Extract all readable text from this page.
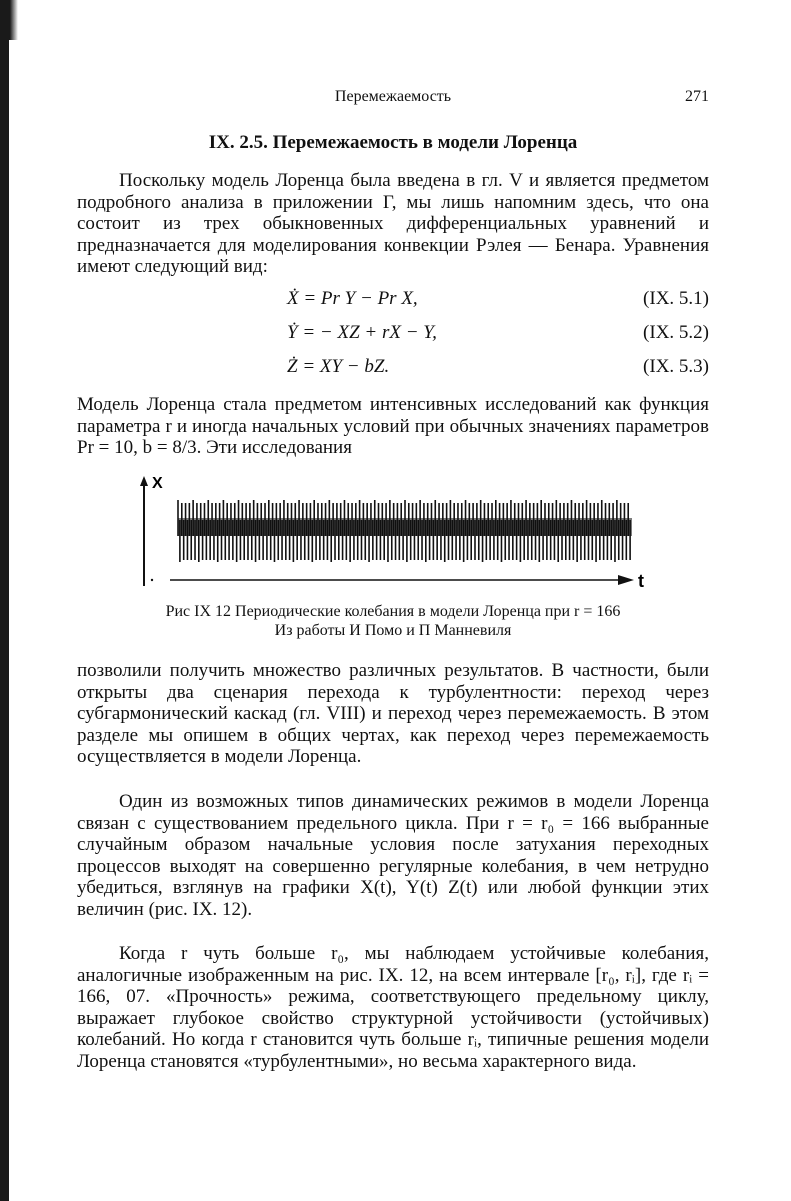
Перемежаемость	271
IX. 2.5. Перемежаемость в модели Лоренца

Поскольку модель Лоренца была введена в гл. V и является предметом подробного анализа в приложении Г, мы лишь напомним здесь, что она состоит из трех обыкновенных дифференциальных уравнений и предназначается для моделирования конвекции Рэлея — Бенара. Уравнения имеют следующий вид:

Ẋ = Pr Y − Pr X,	(IX. 5.1)
Ẏ = − XZ + rX − Y,	(IX. 5.2)
Ż = XY − bZ.	(IX. 5.3)

Модель Лоренца стала предметом интенсивных исследований как функция параметра r и иногда начальных условий при обычных значениях параметров Pr = 10, b = 8/3. Эти исследования

X
t
Рис IX 12 Периодические колебания в модели Лоренца при r = 166
Из работы И Помо и П Манневиля

позволили получить множество различных результатов. В частности, были открыты два сценария перехода к турбулентности: переход через субгармонический каскад (гл. VIII) и переход через перемежаемость. В этом разделе мы опишем в общих чертах, как переход через перемежаемость осуществляется в модели Лоренца.

Один из возможных типов динамических режимов в модели Лоренца связан с существованием предельного цикла. При r = r₀ = 166 выбранные случайным образом начальные условия после затухания переходных процессов выходят на совершенно регулярные колебания, в чем нетрудно убедиться, взглянув на графики X(t), Y(t) Z(t) или любой функции этих величин (рис. IX. 12).

Когда r чуть больше r₀, мы наблюдаем устойчивые колебания, аналогичные изображенным на рис. IX. 12, на всем интервале [r₀, rᵢ], где rᵢ = 166, 07. «Прочность» режима, соответствующего предельному циклу, выражает глубокое свойство структурной устойчивости (устойчивых) колебаний. Но когда r становится чуть больше rᵢ, типичные решения модели Лоренца становятся «турбулентными», но весьма характерного вида.
